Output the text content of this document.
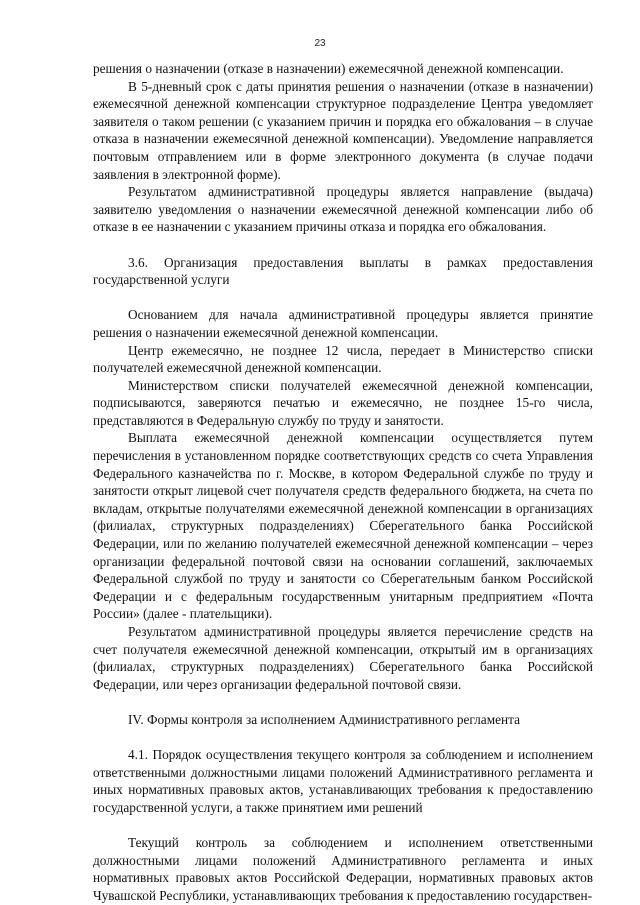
23

решения о назначении (отказе в назначении) ежемесячной денежной компенсации.

В 5-дневный срок с даты принятия решения о назначении (отказе в назначении) ежемесячной денежной компенсации структурное подразделение Центра уведомляет заявителя о таком решении (с указанием причин и порядка его обжалования – в случае отказа в назначении ежемесячной денежной компенсации). Уведомление направляется почтовым отправлением или в форме электронного документа (в случае подачи заявления в электронной форме).

Результатом административной процедуры является направление (выдача) заявителю уведомления о назначении ежемесячной денежной компенсации либо об отказе в ее назначении с указанием причины отказа и порядка его обжалования.

3.6. Организация предоставления выплаты в рамках предоставления государственной услуги

Основанием для начала административной процедуры является принятие решения о назначении ежемесячной денежной компенсации.

Центр ежемесячно, не позднее 12 числа, передает в Министерство списки получателей ежемесячной денежной компенсации.

Министерством списки получателей ежемесячной денежной компенсации, подписываются, заверяются печатью и ежемесячно, не позднее 15-го числа, представляются в Федеральную службу по труду и занятости.

Выплата ежемесячной денежной компенсации осуществляется путем перечисления в установленном порядке соответствующих средств со счета Управления Федерального казначейства по г. Москве, в котором Федеральной службе по труду и занятости открыт лицевой счет получателя средств федерального бюджета, на счета по вкладам, открытые получателями ежемесячной денежной компенсации в организациях (филиалах, структурных подразделениях) Сберегательного банка Российской Федерации, или по желанию получателей ежемесячной денежной компенсации – через организации федеральной почтовой связи на основании соглашений, заключаемых Федеральной службой по труду и занятости со Сберегательным банком Российской Федерации и с федеральным государственным унитарным предприятием «Почта России» (далее - плательщики).

Результатом административной процедуры является перечисление средств на счет получателя ежемесячной денежной компенсации, открытый им в организациях (филиалах, структурных подразделениях) Сберегательного банка Российской Федерации, или через организации федеральной почтовой связи.

IV. Формы контроля за исполнением Административного регламента

4.1. Порядок осуществления текущего контроля за соблюдением и исполнением ответственными должностными лицами положений Административного регламента и иных нормативных правовых актов, устанавливающих требования к предоставлению государственной услуги, а также принятием ими решений

Текущий контроль за соблюдением и исполнением ответственными должностными лицами положений Административного регламента и иных нормативных правовых актов Российской Федерации, нормативных правовых актов Чувашской Республики, устанавливающих требования к предоставлению государствен-
